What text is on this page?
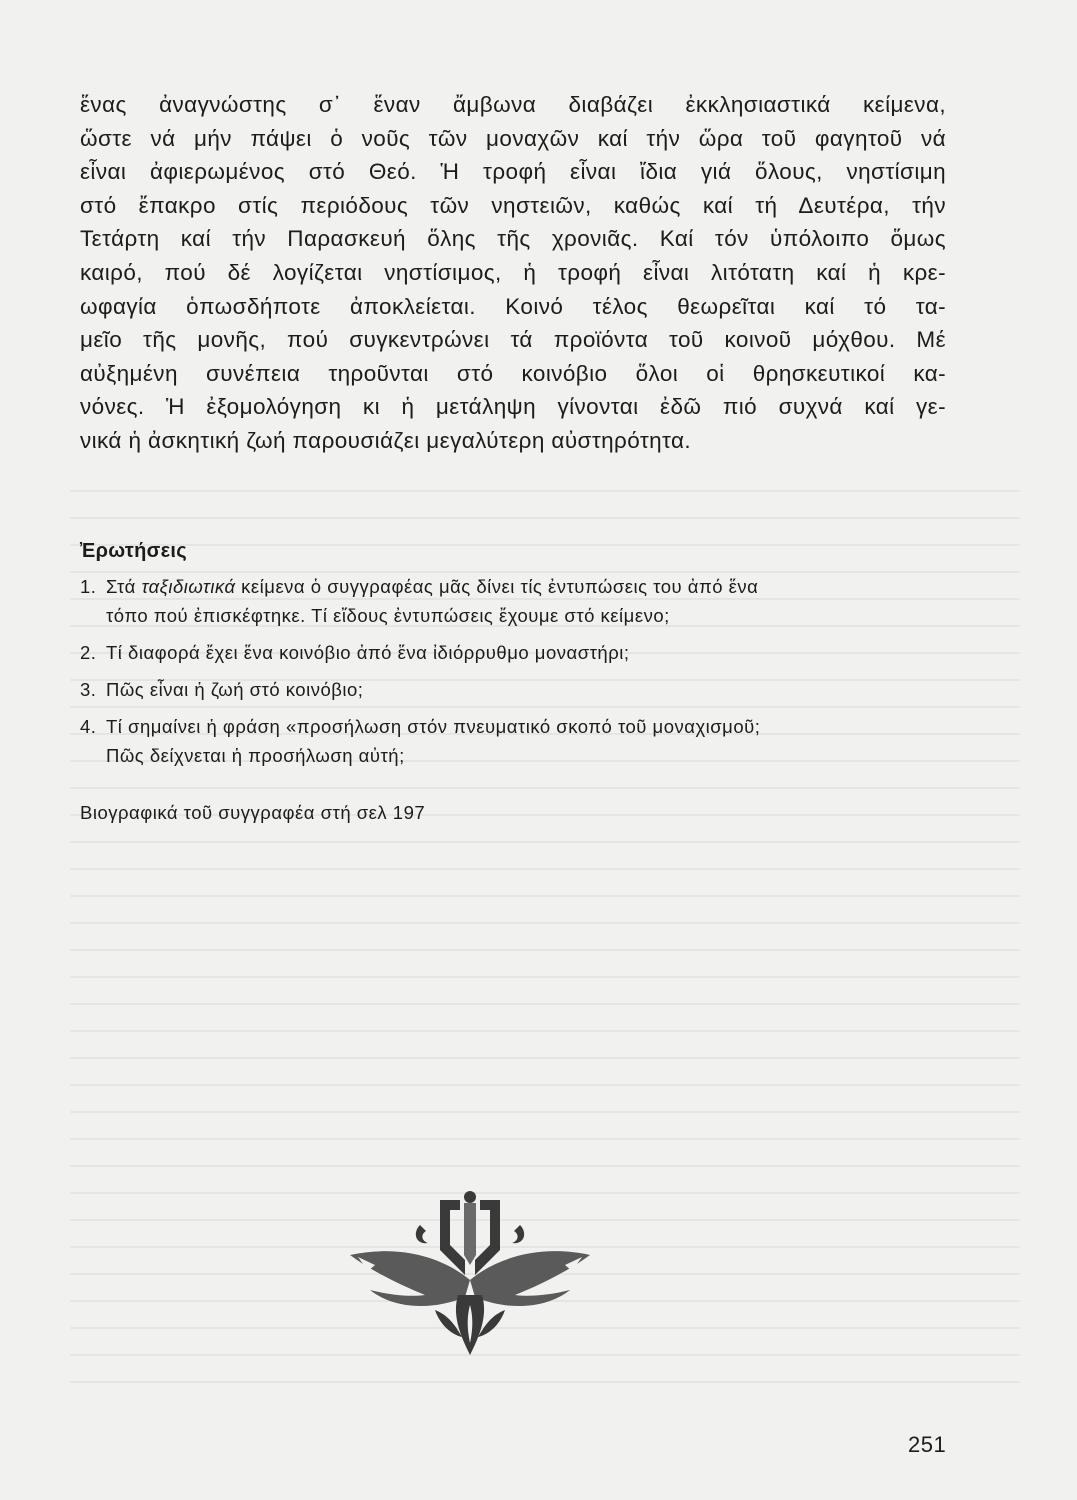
ἕνας ἀναγνώστης σ᾿ ἕναν ἄμβωνα διαβάζει ἐκκλησιαστικά κείμενα,
ὥστε νά μήν πάψει ὁ νοῦς τῶν μοναχῶν καί τήν ὥρα τοῦ φαγητοῦ νά
εἶναι ἀφιερωμένος στό Θεό. Ἡ τροφή εἶναι ἴδια γιά ὅλους, νηστίσιμη
στό ἔπακρο στίς περιόδους τῶν νηστειῶν, καθώς καί τή Δευτέρα, τήν
Τετάρτη καί τήν Παρασκευή ὅλης τῆς χρονιᾶς. Καί τόν ὑπόλοιπο ὅμως
καιρό, πού δέ λογίζεται νηστίσιμος, ἡ τροφή εἶναι λιτότατη καί ἡ κρε-
ωφαγία ὁπωσδήποτε ἀποκλείεται. Κοινό τέλος θεωρεῖται καί τό τα-
μεῖο τῆς μονῆς, πού συγκεντρώνει τά προϊόντα τοῦ κοινοῦ μόχθου. Μέ
αὐξημένη συνέπεια τηροῦνται στό κοινόβιο ὅλοι οἱ θρησκευτικοί κα-
νόνες. Ἡ ἐξομολόγηση κι ἡ μετάληψη γίνονται ἐδῶ πιό συχνά καί γε-
νικά ἡ ἀσκητική ζωή παρουσιάζει μεγαλύτερη αὐστηρότητα.
Ἐρωτήσεις
1. Στά ταξιδιωτικά κείμενα ὁ συγγραφέας μᾶς δίνει τίς ἐντυπώσεις του ἀπό ἕνα
τόπο πού ἐπισκέφτηκε. Τί εἴδους ἐντυπώσεις ἔχουμε στό κείμενο;
2. Τί διαφορά ἔχει ἕνα κοινόβιο ἀπό ἕνα ἰδιόρρυθμο μοναστήρι;
3. Πῶς εἶναι ἡ ζωή στό κοινόβιο;
4. Τί σημαίνει ἡ φράση «προσήλωση στόν πνευματικό σκοπό τοῦ μοναχισμοῦ;
Πῶς δείχνεται ἡ προσήλωση αὐτή;
Βιογραφικά τοῦ συγγραφέα στή σελ 197
251
